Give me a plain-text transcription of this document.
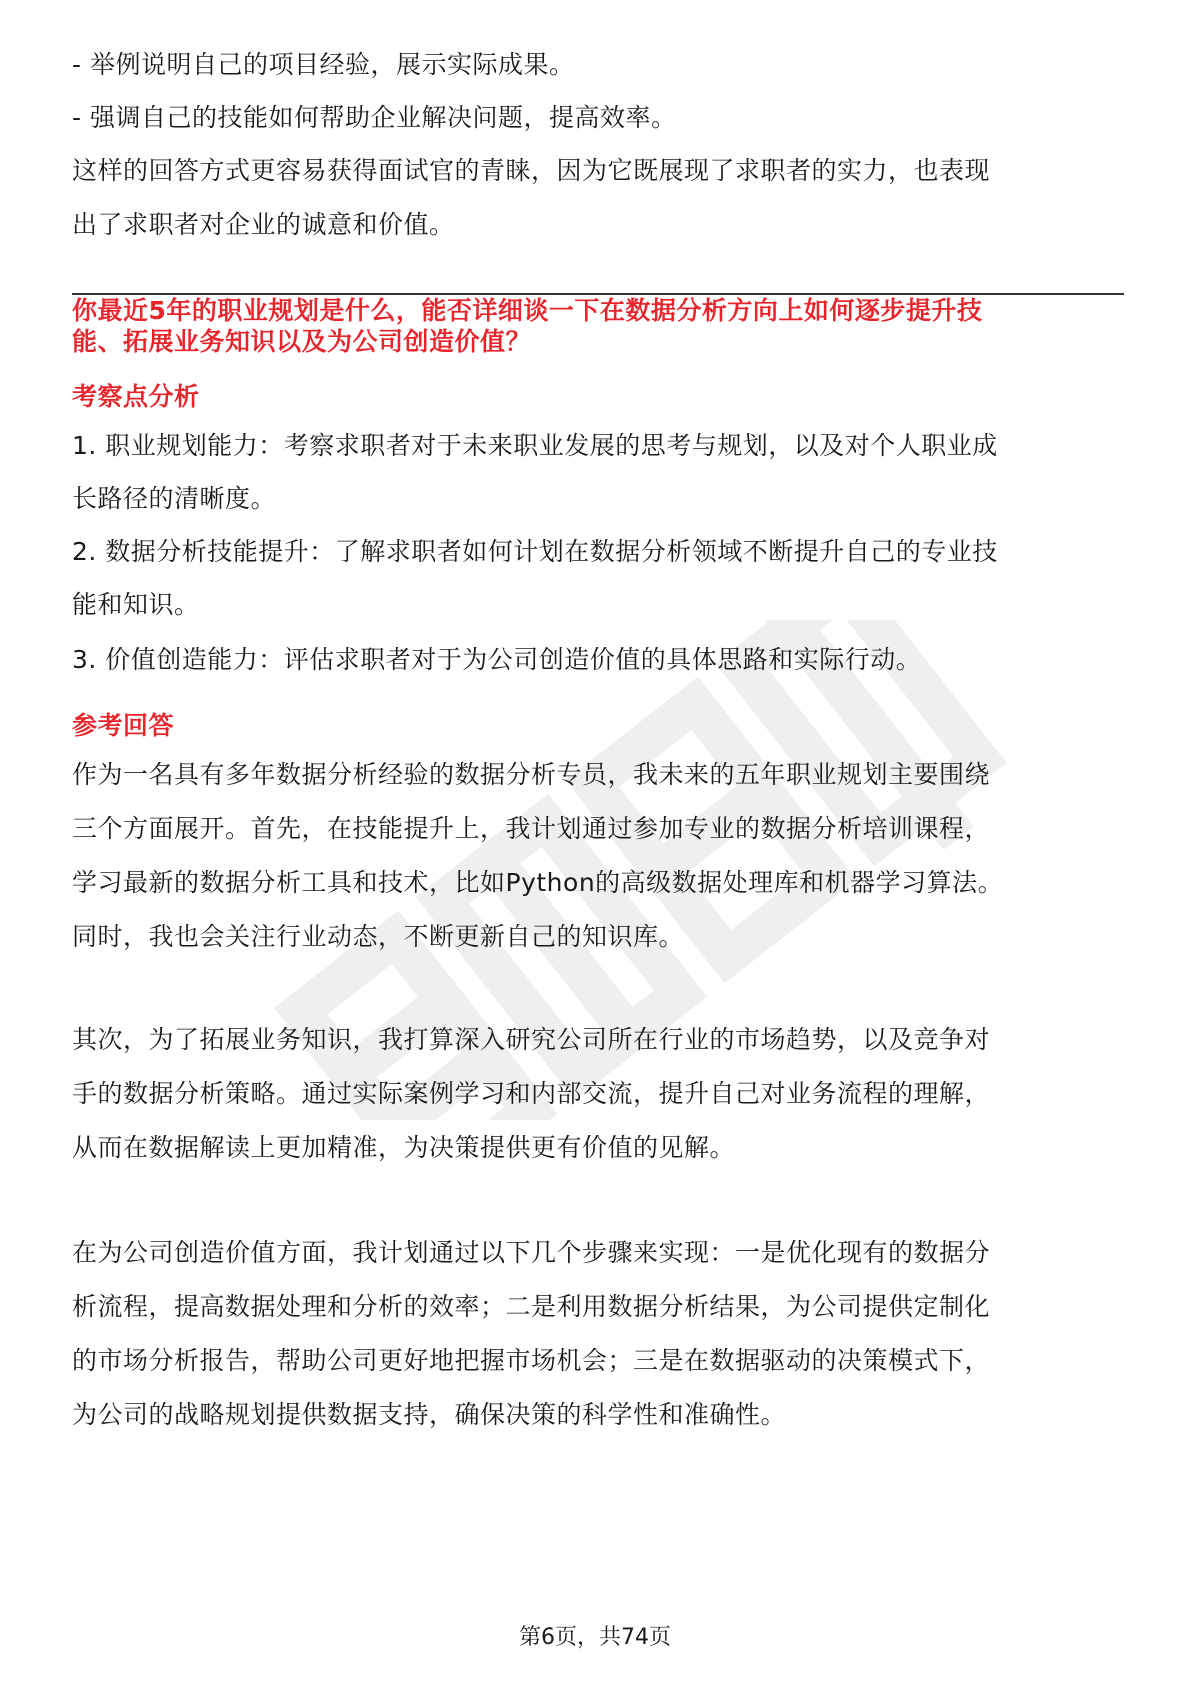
- 举例说明自己的项目经验，展示实际成果。
- 强调自己的技能如何帮助企业解决问题，提高效率。
这样的回答方式更容易获得面试官的青睐，因为它既展现了求职者的实力，也表现
出了求职者对企业的诚意和价值。
你最近5年的职业规划是什么，能否详细谈一下在数据分析方向上如何逐步提升技
能、拓展业务知识以及为公司创造价值？
考察点分析
1. 职业规划能力：考察求职者对于未来职业发展的思考与规划，以及对个人职业成
长路径的清晰度。
2. 数据分析技能提升：了解求职者如何计划在数据分析领域不断提升自己的专业技
能和知识。
3. 价值创造能力：评估求职者对于为公司创造价值的具体思路和实际行动。
参考回答
作为一名具有多年数据分析经验的数据分析专员，我未来的五年职业规划主要围绕
三个方面展开。首先，在技能提升上，我计划通过参加专业的数据分析培训课程，
学习最新的数据分析工具和技术，比如Python的高级数据处理库和机器学习算法。
同时，我也会关注行业动态，不断更新自己的知识库。
其次，为了拓展业务知识，我打算深入研究公司所在行业的市场趋势，以及竞争对
手的数据分析策略。通过实际案例学习和内部交流，提升自己对业务流程的理解，
从而在数据解读上更加精准，为决策提供更有价值的见解。
在为公司创造价值方面，我计划通过以下几个步骤来实现：一是优化现有的数据分
析流程，提高数据处理和分析的效率；二是利用数据分析结果，为公司提供定制化
的市场分析报告，帮助公司更好地把握市场机会；三是在数据驱动的决策模式下，
为公司的战略规划提供数据支持，确保决策的科学性和准确性。
第6页，共74页
